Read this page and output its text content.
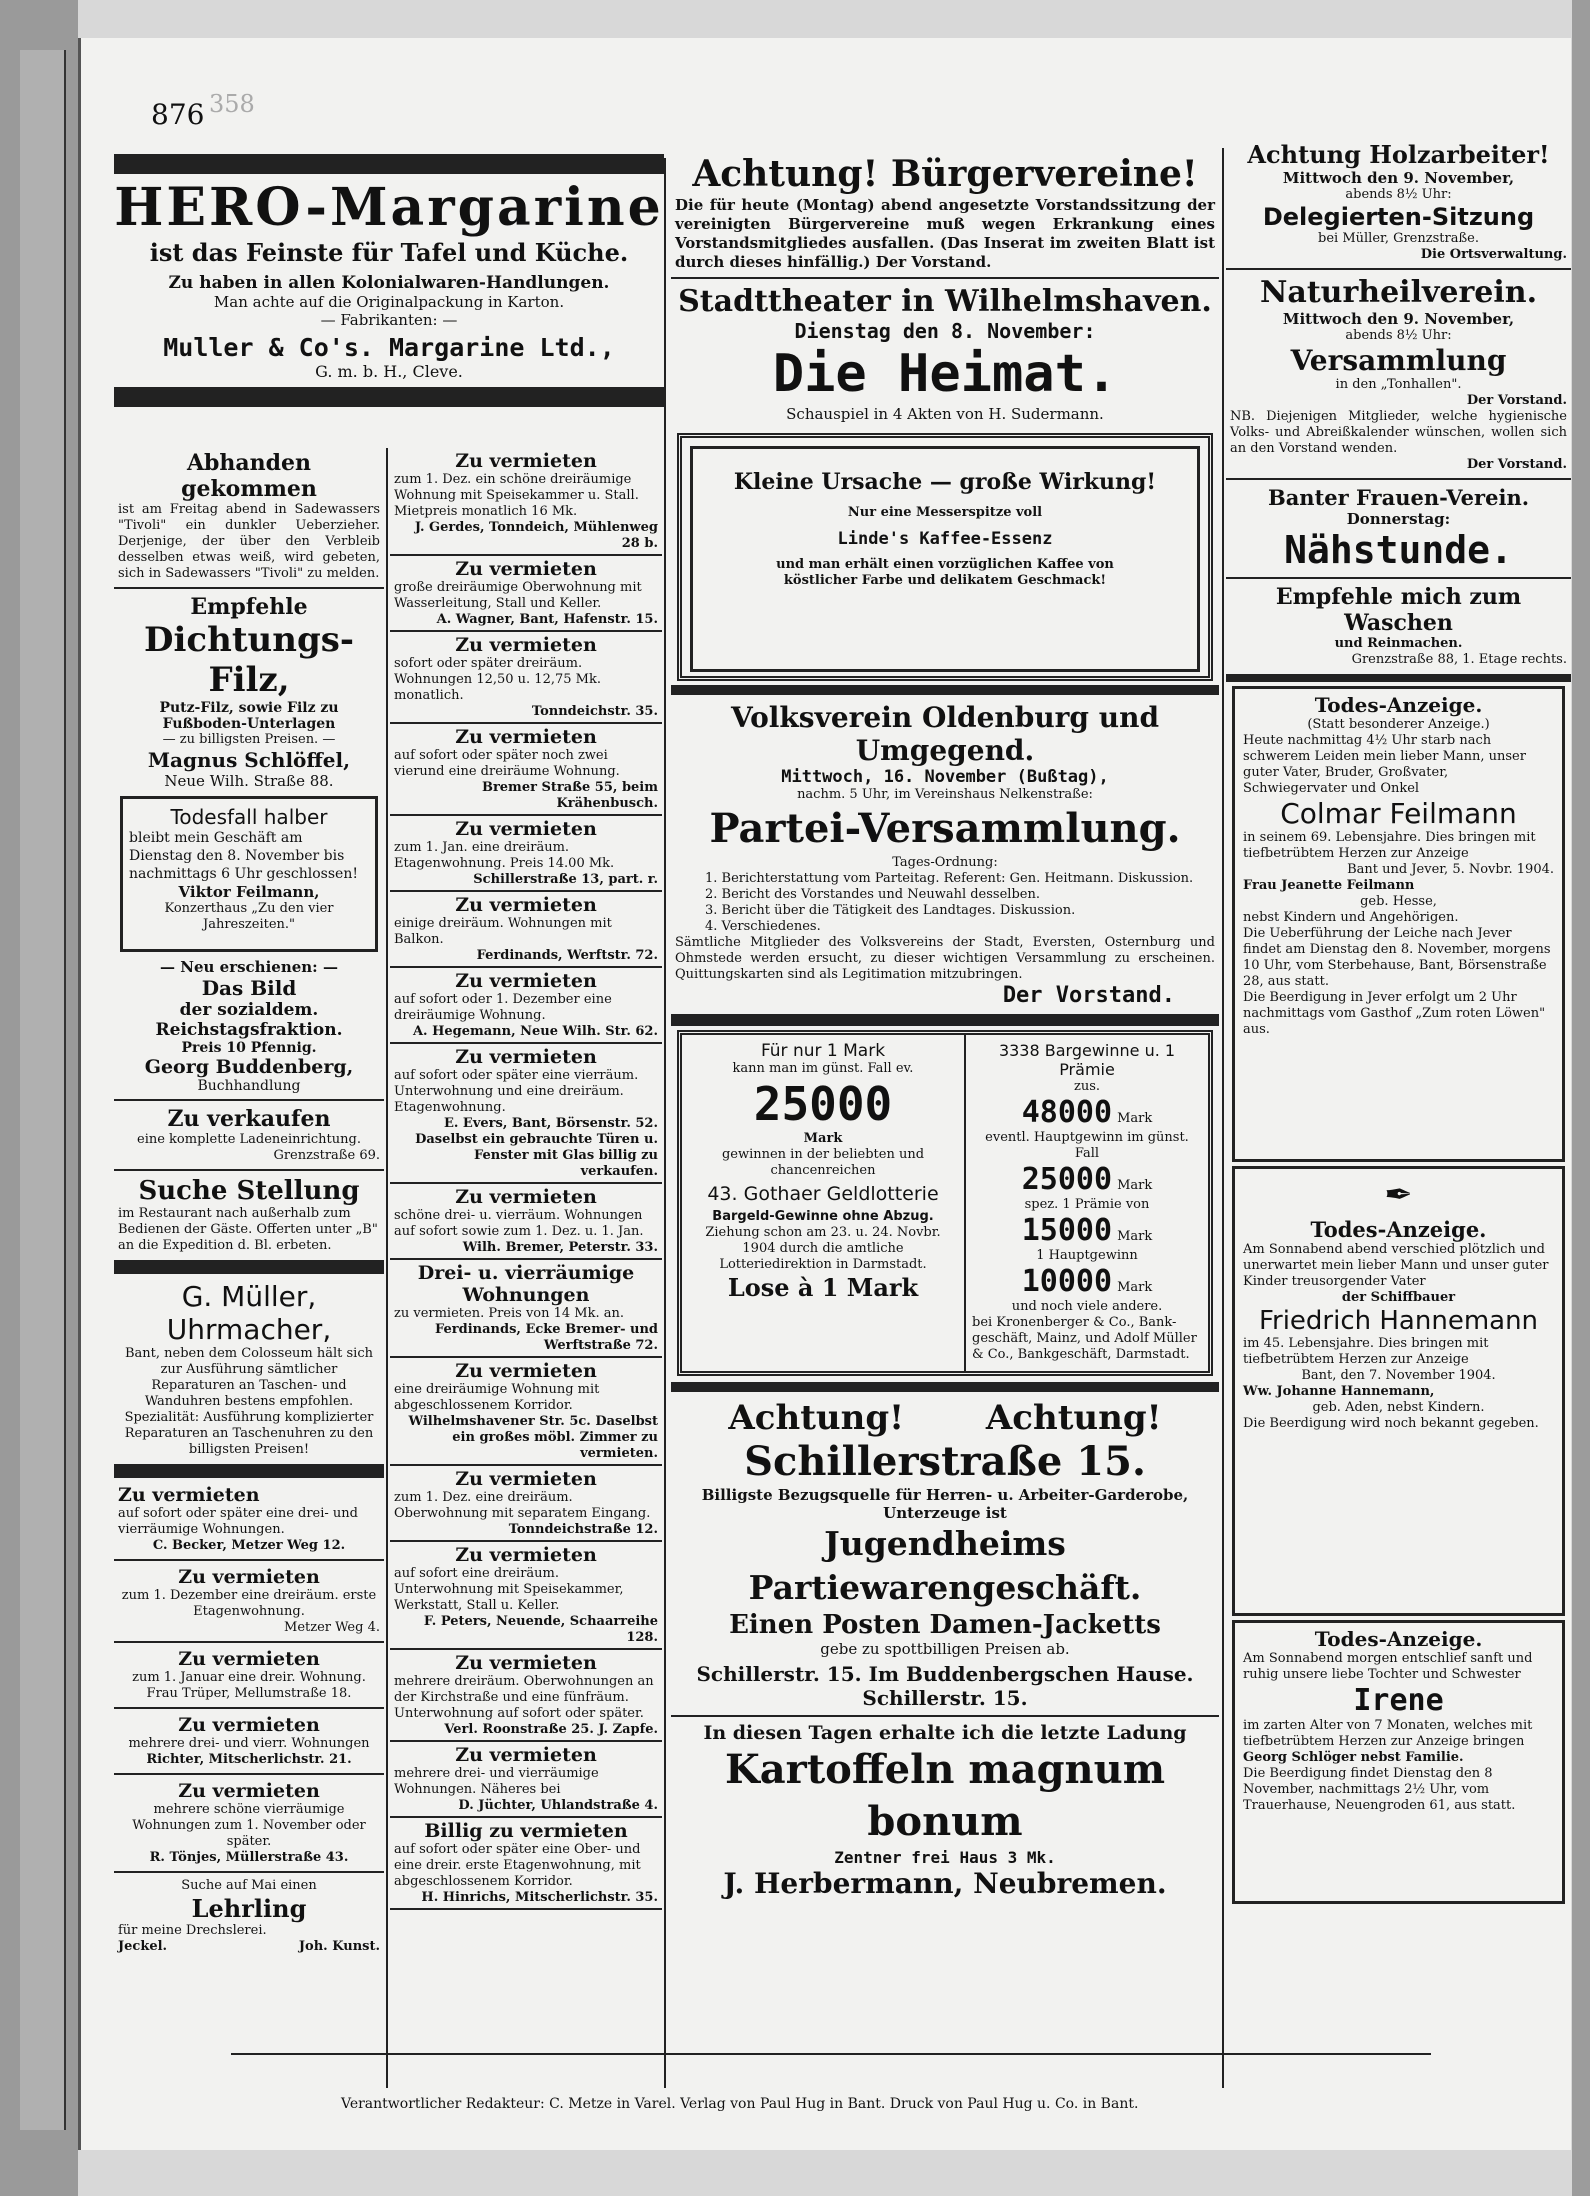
876 358
HERO-Margarine
ist das Feinste für Tafel und Küche.
Zu haben in allen Kolonialwaren-Handlungen.
Man achte auf die Originalpackung in Karton.
— Fabrikanten: —
Muller & Co's. Margarine Ltd.,
G. m. b. H., Cleve.
Abhanden gekommen
ist am Freitag abend in Sadewassers "Tivoli" ein dunkler Ueberzieher. Derjenige, der über den Verbleib desselben etwas weiß, wird gebeten, sich in Sadewassers "Tivoli" zu melden.
Empfehle
Dichtungs-Filz,
Putz-Filz, sowie Filz zu Fußboden-Unterlagen
— zu billigsten Preisen. —
Magnus Schlöffel,
Neue Wilh. Straße 88.
Todesfall halber
bleibt mein Geschäft am Dienstag den 8. November bis nachmittags 6 Uhr geschlossen!
Viktor Feilmann,
Konzerthaus „Zu den vier Jahreszeiten."
— Neu erschienen: —
Das Bild
der sozialdem. Reichstagsfraktion.
Preis 10 Pfennig.
Georg Buddenberg,
Buchhandlung
Zu verkaufen
eine komplette Ladeneinrichtung.
Grenzstraße 69.
Suche Stellung
im Restaurant nach außerhalb zum Bedienen der Gäste. Offerten unter „B" an die Expedition d. Bl. erbeten.
G. Müller, Uhrmacher,
Bant, neben dem Colosseum hält sich zur Ausführung sämtlicher Reparaturen an Taschen- und Wanduhren bestens empfohlen.
Spezialität: Ausführung komplizierter Reparaturen an Taschenuhren zu den billigsten Preisen!
Zu vermieten
auf sofort oder später eine drei- und vierräumige Wohnungen.
C. Becker, Metzer Weg 12.
Zu vermieten
zum 1. Dezember eine dreiräum. erste Etagenwohnung.
Metzer Weg 4.
Zu vermieten
zum 1. Januar eine dreir. Wohnung.
Frau Trüper, Mellumstraße 18.
Zu vermieten
mehrere drei- und vierr. Wohnungen
Richter, Mitscherlichstr. 21.
Zu vermieten
mehrere schöne vierräumige Wohnungen zum 1. November oder später.
R. Tönjes, Müllerstraße 43.
Suche auf Mai einen
Lehrling
für meine Drechslerei.
Jeckel.	Joh. Kunst.
Zu vermieten
zum 1. Dez. ein schöne dreiräumige Wohnung mit Speisekammer u. Stall. Mietpreis monatlich 16 Mk.
J. Gerdes, Tonndeich, Mühlenweg 28 b.
Zu vermieten
große dreiräumige Oberwohnung mit Wasserleitung, Stall und Keller.
A. Wagner, Bant, Hafenstr. 15.
Zu vermieten
sofort oder später dreiräum. Wohnungen 12,50 u. 12,75 Mk. monatlich.
Tonndeichstr. 35.
Zu vermieten
auf sofort oder später noch zwei vierund eine dreiräume Wohnung.
Bremer Straße 55, beim Krähenbusch.
Zu vermieten
zum 1. Jan. eine dreiräum. Etagenwohnung. Preis 14.00 Mk.
Schillerstraße 13, part. r.
Zu vermieten
einige dreiräum. Wohnungen mit Balkon.
Ferdinands, Werftstr. 72.
Zu vermieten
auf sofort oder 1. Dezember eine dreiräumige Wohnung.
A. Hegemann, Neue Wilh. Str. 62.
Zu vermieten
auf sofort oder später eine vierräum. Unterwohnung und eine dreiräum. Etagenwohnung.
E. Evers, Bant, Börsenstr. 52. Daselbst ein gebrauchte Türen u. Fenster mit Glas billig zu verkaufen.
Zu vermieten
schöne drei- u. vierräum. Wohnungen auf sofort sowie zum 1. Dez. u. 1. Jan.
Wilh. Bremer, Peterstr. 33.
Drei- u. vierräumige Wohnungen
zu vermieten. Preis von 14 Mk. an.
Ferdinands, Ecke Bremer- und Werftstraße 72.
Zu vermieten
eine dreiräumige Wohnung mit abgeschlossenem Korridor.
Wilhelmshavener Str. 5c. Daselbst ein großes möbl. Zimmer zu vermieten.
Zu vermieten
zum 1. Dez. eine dreiräum. Oberwohnung mit separatem Eingang.
Tonndeichstraße 12.
Zu vermieten
auf sofort eine dreiräum. Unterwohnung mit Speisekammer, Werkstatt, Stall u. Keller.
F. Peters, Neuende, Schaarreihe 128.
Zu vermieten
mehrere dreiräum. Oberwohnungen an der Kirchstraße und eine fünfräum. Unterwohnung auf sofort oder später.
Verl. Roonstraße 25. J. Zapfe.
Zu vermieten
mehrere drei- und vierräumige Wohnungen. Näheres bei
D. Jüchter, Uhlandstraße 4.
Billig zu vermieten
auf sofort oder später eine Ober- und eine dreir. erste Etagenwohnung, mit abgeschlossenem Korridor.
H. Hinrichs, Mitscherlichstr. 35.
Achtung! Bürgervereine!
Die für heute (Montag) abend angesetzte Vorstandssitzung der vereinigten Bürgervereine muß wegen Erkrankung eines Vorstandsmitgliedes ausfallen. (Das Inserat im zweiten Blatt ist durch dieses hinfällig.) Der Vorstand.
Stadttheater in Wilhelmshaven.
Dienstag den 8. November:
Die Heimat.
Schauspiel in 4 Akten von H. Sudermann.
Kleine Ursache — große Wirkung!
Nur eine Messerspitze voll
Linde's Kaffee-Essenz
und man erhält einen vorzüglichen Kaffee von köstlicher Farbe und delikatem Geschmack!
Volksverein Oldenburg und Umgegend.
Mittwoch, 16. November (Bußtag),
nachm. 5 Uhr, im Vereinshaus Nelkenstraße:
Partei-Versammlung.
Tages-Ordnung:
1. Berichterstattung vom Parteitag. Referent: Gen. Heitmann. Diskussion.
2. Bericht des Vorstandes und Neuwahl desselben.
3. Bericht über die Tätigkeit des Landtages. Diskussion.
4. Verschiedenes.
Sämtliche Mitglieder des Volksvereins der Stadt, Eversten, Osternburg und Ohmstede werden ersucht, zu dieser wichtigen Versammlung zu erscheinen. Quittungskarten sind als Legitimation mitzubringen.
Der Vorstand.
Für nur 1 Mark
kann man im günst. Fall ev.
25000
Mark
gewinnen in der beliebten und chancenreichen
43. Gothaer Geldlotterie
Bargeld-Gewinne ohne Abzug.
Ziehung schon am 23. u. 24. Novbr. 1904 durch die amtliche Lotteriedirektion in Darmstadt.
Lose à 1 Mark
3338 Bargewinne u. 1 Prämie
zus.
48000 Mark
eventl. Hauptgewinn im günst. Fall
25000 Mark
spez. 1 Prämie von
15000 Mark
1 Hauptgewinn
10000 Mark
und noch viele andere.
bei Kronenberger & Co., Bank-geschäft, Mainz, und Adolf Müller & Co., Bankgeschäft, Darmstadt.
Achtung! Achtung!
Schillerstraße 15.
Billigste Bezugsquelle für Herren- u. Arbeiter-Garderobe, Unterzeuge ist
Jugendheims Partiewarengeschäft.
Einen Posten Damen-Jacketts
gebe zu spottbilligen Preisen ab.
Schillerstr. 15. Im Buddenbergschen Hause. Schillerstr. 15.
In diesen Tagen erhalte ich die letzte Ladung
Kartoffeln magnum bonum
Zentner frei Haus 3 Mk.
J. Herbermann, Neubremen.
Achtung Holzarbeiter!
Mittwoch den 9. November,
abends 8½ Uhr:
Delegierten-Sitzung
bei Müller, Grenzstraße.
Die Ortsverwaltung.
Naturheilverein.
Mittwoch den 9. November,
abends 8½ Uhr:
Versammlung
in den „Tonhallen".
Der Vorstand.
NB. Diejenigen Mitglieder, welche hygienische Volks- und Abreißkalender wünschen, wollen sich an den Vorstand wenden.
Der Vorstand.
Banter Frauen-Verein.
Donnerstag:
Nähstunde.
Empfehle mich zum Waschen
und Reinmachen.
Grenzstraße 88, 1. Etage rechts.
Todes-Anzeige.
(Statt besonderer Anzeige.)
Heute nachmittag 4½ Uhr starb nach schwerem Leiden mein lieber Mann, unser guter Vater, Bruder, Großvater, Schwiegervater und Onkel
Colmar Feilmann
in seinem 69. Lebensjahre. Dies bringen mit tiefbetrübtem Herzen zur Anzeige
Bant und Jever, 5. Novbr. 1904.
Frau Jeanette Feilmann
geb. Hesse,
nebst Kindern und Angehörigen.
Die Ueberführung der Leiche nach Jever findet am Dienstag den 8. November, morgens 10 Uhr, vom Sterbehause, Bant, Börsenstraße 28, aus statt.
Die Beerdigung in Jever erfolgt um 2 Uhr nachmittags vom Gasthof „Zum roten Löwen" aus.
✒
Todes-Anzeige.
Am Sonnabend abend verschied plötzlich und unerwartet mein lieber Mann und unser guter Kinder treusorgender Vater
der Schiffbauer
Friedrich Hannemann
im 45. Lebensjahre. Dies bringen mit tiefbetrübtem Herzen zur Anzeige
Bant, den 7. November 1904.
Ww. Johanne Hannemann,
geb. Aden, nebst Kindern.
Die Beerdigung wird noch bekannt gegeben.
Todes-Anzeige.
Am Sonnabend morgen entschlief sanft und ruhig unsere liebe Tochter und Schwester
Irene
im zarten Alter von 7 Monaten, welches mit tiefbetrübtem Herzen zur Anzeige bringen
Georg Schlöger nebst Familie.
Die Beerdigung findet Dienstag den 8 November, nachmittags 2½ Uhr, vom Trauerhause, Neuengroden 61, aus statt.
Verantwortlicher Redakteur: C. Metze in Varel. Verlag von Paul Hug in Bant. Druck von Paul Hug u. Co. in Bant.
